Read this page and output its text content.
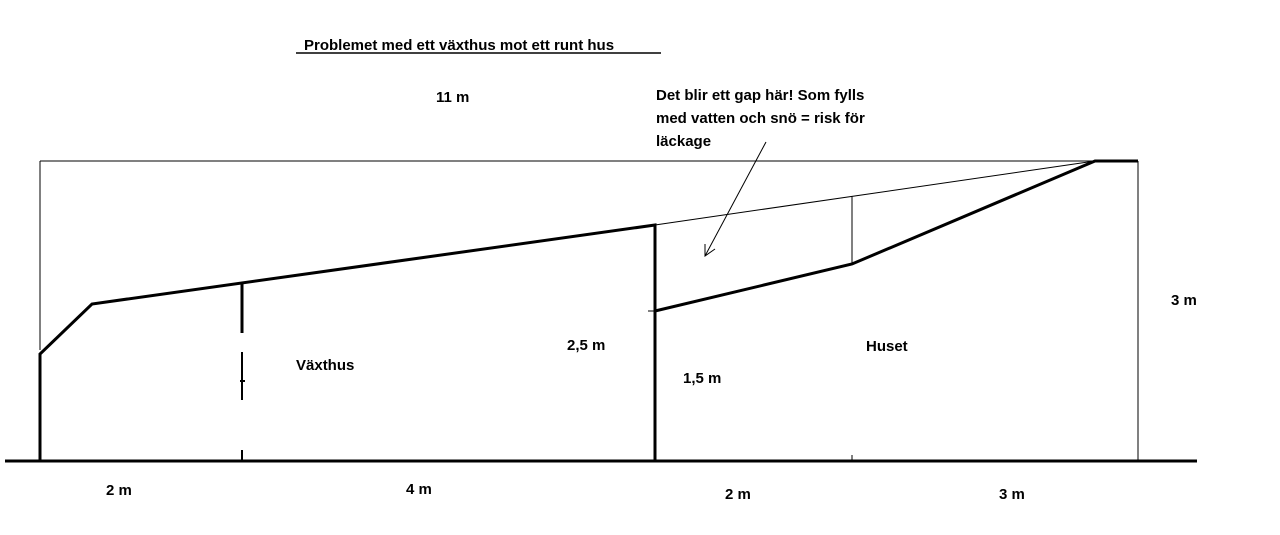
Problemet med ett växthus mot ett runt hus
11 m
3 m
2,5 m
1,5 m
2 m	4 m	2 m	3 m
Växthus
Huset
Det blir ett gap här! Som fylls
med vatten och snö = risk för
läckage
